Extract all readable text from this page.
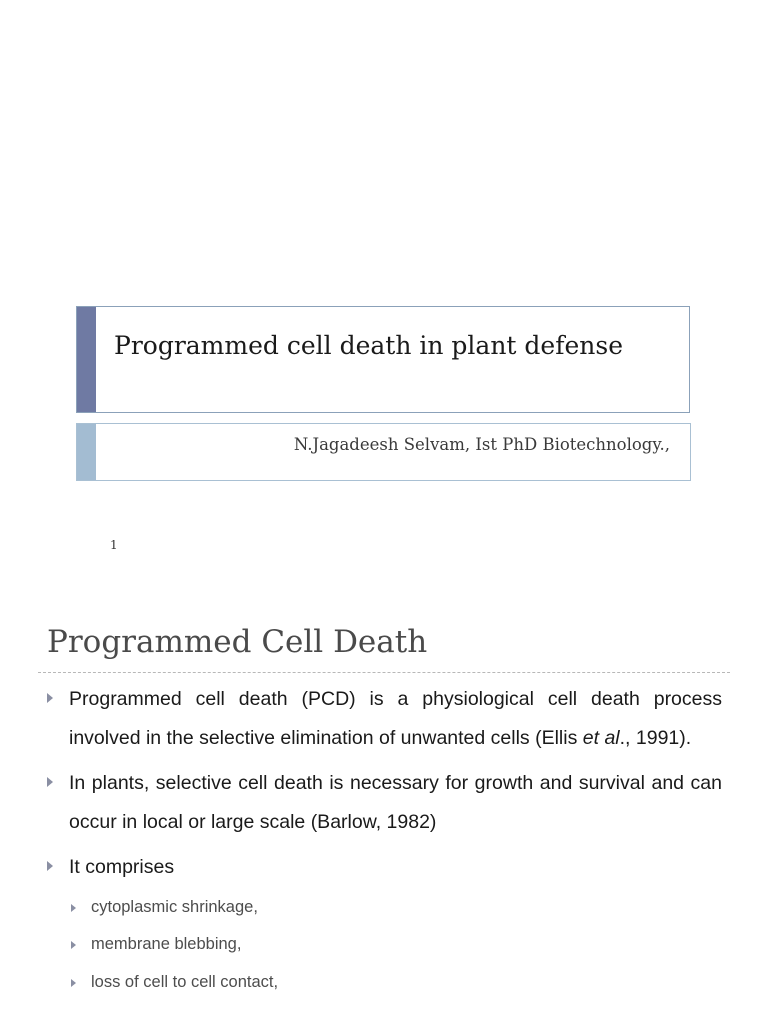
Programmed cell death in plant defense
N.Jagadeesh Selvam, Ist PhD Biotechnology.,
1
Programmed Cell Death
Programmed cell death (PCD) is a physiological cell death process involved in the selective elimination of unwanted cells (Ellis et al., 1991).
In plants, selective cell death is necessary for growth and survival and can occur in local or large scale (Barlow, 1982)
It comprises
cytoplasmic shrinkage,
membrane blebbing,
loss of cell to cell contact,
